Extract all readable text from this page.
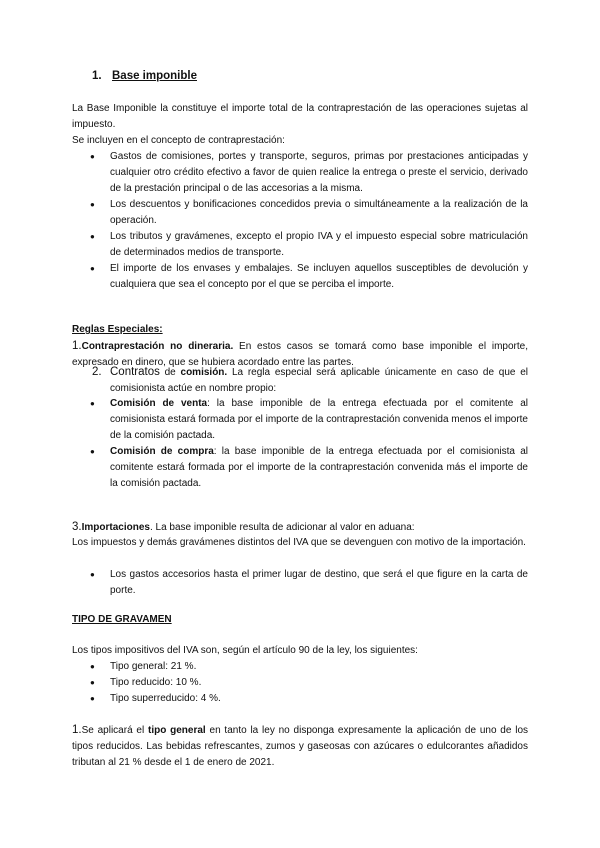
1. Base imponible
La Base Imponible la constituye el importe total de la contraprestación de las operaciones sujetas al impuesto.
Se incluyen en el concepto de contraprestación:
● Gastos de comisiones, portes y transporte, seguros, primas por prestaciones anticipadas y cualquier otro crédito efectivo a favor de quien realice la entrega o preste el servicio, derivado de la prestación principal o de las accesorias a la misma.
● Los descuentos y bonificaciones concedidos previa o simultáneamente a la realización de la operación.
● Los tributos y gravámenes, excepto el propio IVA y el impuesto especial sobre matriculación de determinados medios de transporte.
● El importe de los envases y embalajes. Se incluyen aquellos susceptibles de devolución y cualquiera que sea el concepto por el que se perciba el importe.
Reglas Especiales:
1.Contraprestación no dineraria. En estos casos se tomará como base imponible el importe, expresado en dinero, que se hubiera acordado entre las partes.
2. Contratos de comisión. La regla especial será aplicable únicamente en caso de que el comisionista actúe en nombre propio:
● Comisión de venta: la base imponible de la entrega efectuada por el comitente al comisionista estará formada por el importe de la contraprestación convenida menos el importe de la comisión pactada.
● Comisión de compra: la base imponible de la entrega efectuada por el comisionista al comitente estará formada por el importe de la contraprestación convenida más el importe de la comisión pactada.
3.Importaciones. La base imponible resulta de adicionar al valor en aduana:
Los impuestos y demás gravámenes distintos del IVA que se devenguen con motivo de la importación.
● Los gastos accesorios hasta el primer lugar de destino, que será el que figure en la carta de porte.
TIPO DE GRAVAMEN
Los tipos impositivos del IVA son, según el artículo 90 de la ley, los siguientes:
● Tipo general: 21 %.
● Tipo reducido: 10 %.
● Tipo superreducido: 4 %.
1.Se aplicará el tipo general en tanto la ley no disponga expresamente la aplicación de uno de los tipos reducidos. Las bebidas refrescantes, zumos y gaseosas con azúcares o edulcorantes añadidos tributan al 21 % desde el 1 de enero de 2021.
